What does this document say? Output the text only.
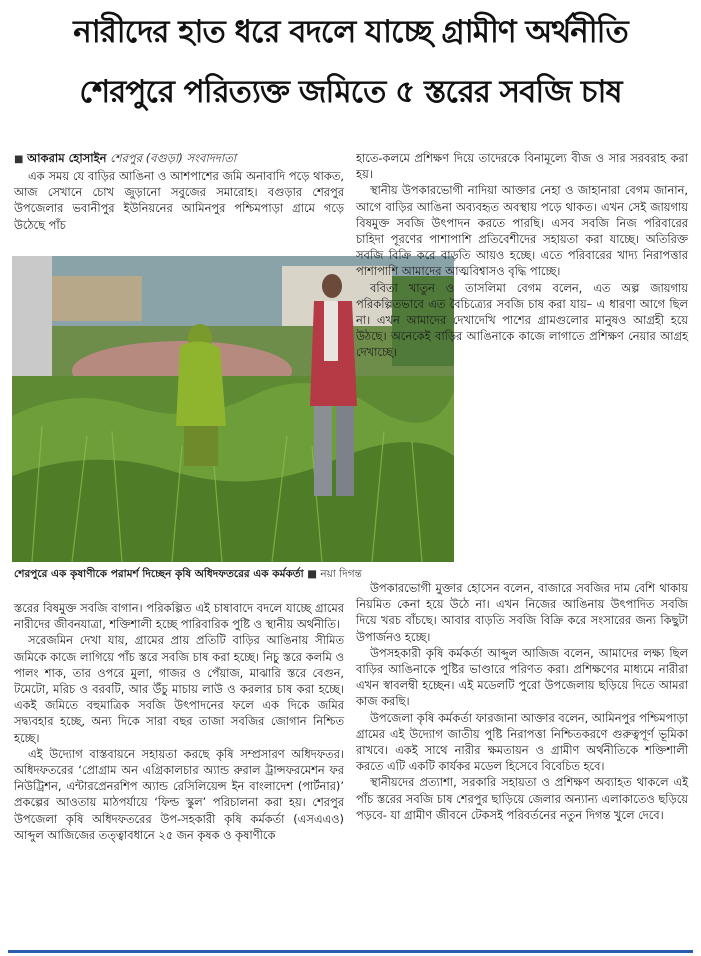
নারীদের হাত ধরে বদলে যাচ্ছে গ্রামীণ অর্থনীতি
শেরপুরে পরিত্যক্ত জমিতে ৫ স্তরের সবজি চাষ
■ আকরাম হোসাইন শেরপুর (বগুড়া) সংবাদদাতা

এক সময় যে বাড়ির আঙিনা ও আশপাশের জমি অনাবাদি পড়ে থাকত, আজ সেখানে চোখ জুড়ানো সবুজের সমারোহ। বগুড়ার শেরপুর উপজেলার ভবানীপুর ইউনিয়নের আমিনপুর পশ্চিমপাড়া গ্রামে গড়ে উঠেছে পাঁচ

শেরপুরে এক কৃষাণীকে পরামর্শ দিচ্ছেন কৃষি অধিদফতরের এক কর্মকর্তা ■ নয়া দিগন্ত

স্তরের বিষমুক্ত সবজি বাগান। পরিকল্পিত এই চাষাবাদে বদলে যাচ্ছে গ্রামের নারীদের জীবনযাত্রা, শক্তিশালী হচ্ছে পারিবারিক পুষ্টি ও স্থানীয় অর্থনীতি।

সরেজমিন দেখা যায়, গ্রামের প্রায় প্রতিটি বাড়ির আঙিনায় সীমিত জমিকে কাজে লাগিয়ে পাঁচ স্তরে সবজি চাষ করা হচ্ছে। নিচু স্তরে কলমি ও পালং শাক, তার ওপরে মুলা, গাজর ও পেঁয়াজ, মাঝারি স্তরে বেগুন, টমেটো, মরিচ ও বরবটি, আর উঁচু মাচায় লাউ ও করলার চাষ করা হচ্ছে। একই জমিতে বহুমাত্রিক সবজি উৎপাদনের ফলে এক দিকে জমির সদ্ব্যবহার হচ্ছে, অন্য দিকে সারা বছর তাজা সবজির জোগান নিশ্চিত হচ্ছে।

এই উদ্যোগ বাস্তবায়নে সহায়তা করছে কৃষি সম্প্রসারণ অধিদফতর। অধিদফতরের ‘প্রোগ্রাম অন এগ্রিকালচার অ্যান্ড রুরাল ট্রান্সফরমেশন ফর নিউট্রিশন, এন্টারপ্রেনরশিপ অ্যান্ড রেসিলিয়েন্স ইন বাংলাদেশ (পার্টনার)’ প্রকল্পের আওতায় মাঠপর্যায়ে ‘ফিল্ড স্কুল’ পরিচালনা করা হয়। শেরপুর উপজেলা কৃষি অধিদফতরের উপ-সহকারী কৃষি কর্মকর্তা (এসএএও) আব্দুল আজিজের তত্ত্বাবধানে ২৫ জন কৃষক ও কৃষাণীকে

হাতে-কলমে প্রশিক্ষণ দিয়ে তাদেরকে বিনামূল্যে বীজ ও সার সরবরাহ করা হয়।

স্থানীয় উপকারভোগী নাদিয়া আক্তার নেহা ও জাহানারা বেগম জানান, আগে বাড়ির আঙিনা অব্যবহৃত অবস্থায় পড়ে থাকত। এখন সেই জায়গায় বিষমুক্ত সবজি উৎপাদন করতে পারছি। এসব সবজি নিজ পরিবারের চাহিদা পূরণের পাশাপাশি প্রতিবেশীদের সহায়তা করা যাচ্ছে। অতিরিক্ত সবজি বিক্রি করে বাড়তি আয়ও হচ্ছে। এতে পরিবারের খাদ্য নিরাপত্তার পাশাপাশি আমাদের আত্মবিশ্বাসও বৃদ্ধি পাচ্ছে।

ববিতা খাতুন ও তাসলিমা বেগম বলেন, এত অল্প জায়গায় পরিকল্পিতভাবে এত বৈচিত্র্যের সবজি চাষ করা যায়– এ ধারণা আগে ছিল না। এখন আমাদের দেখাদেখি পাশের গ্রামগুলোর মানুষও আগ্রহী হয়ে উঠছে। অনেকেই বাড়ির আঙিনাকে কাজে লাগাতে প্রশিক্ষণ নেয়ার আগ্রহ দেখাচ্ছে।

উপকারভোগী মুক্তার হোসেন বলেন, বাজারে সবজির দাম বেশি থাকায় নিয়মিত কেনা হয়ে উঠে না। এখন নিজের আঙিনায় উৎপাদিত সবজি দিয়ে খরচ বাঁচছে। আবার বাড়তি সবজি বিক্রি করে সংসারের জন্য কিছুটা উপার্জনও হচ্ছে।

উপসহকারী কৃষি কর্মকর্তা আব্দুল আজিজ বলেন, আমাদের লক্ষ্য ছিল বাড়ির আঙিনাকে পুষ্টির ভাণ্ডারে পরিণত করা। প্রশিক্ষণের মাধ্যমে নারীরা এখন স্বাবলম্বী হচ্ছেন। এই মডেলটি পুরো উপজেলায় ছড়িয়ে দিতে আমরা কাজ করছি।

উপজেলা কৃষি কর্মকর্তা ফারজানা আক্তার বলেন, আমিনপুর পশ্চিমপাড়া গ্রামের এই উদ্যোগ জাতীয় পুষ্টি নিরাপত্তা নিশ্চিতকরণে গুরুত্বপূর্ণ ভূমিকা রাখবে। একই সাথে নারীর ক্ষমতায়ন ও গ্রামীণ অর্থনীতিকে শক্তিশালী করতে এটি একটি কার্যকর মডেল হিসেবে বিবেচিত হবে।

স্থানীয়দের প্রত্যাশা, সরকারি সহায়তা ও প্রশিক্ষণ অব্যাহত থাকলে এই পাঁচ স্তরের সবজি চাষ শেরপুর ছাড়িয়ে জেলার অন্যান্য এলাকাতেও ছড়িয়ে পড়বে- যা গ্রামীণ জীবনে টেকসই পরিবর্তনের নতুন দিগন্ত খুলে দেবে।
